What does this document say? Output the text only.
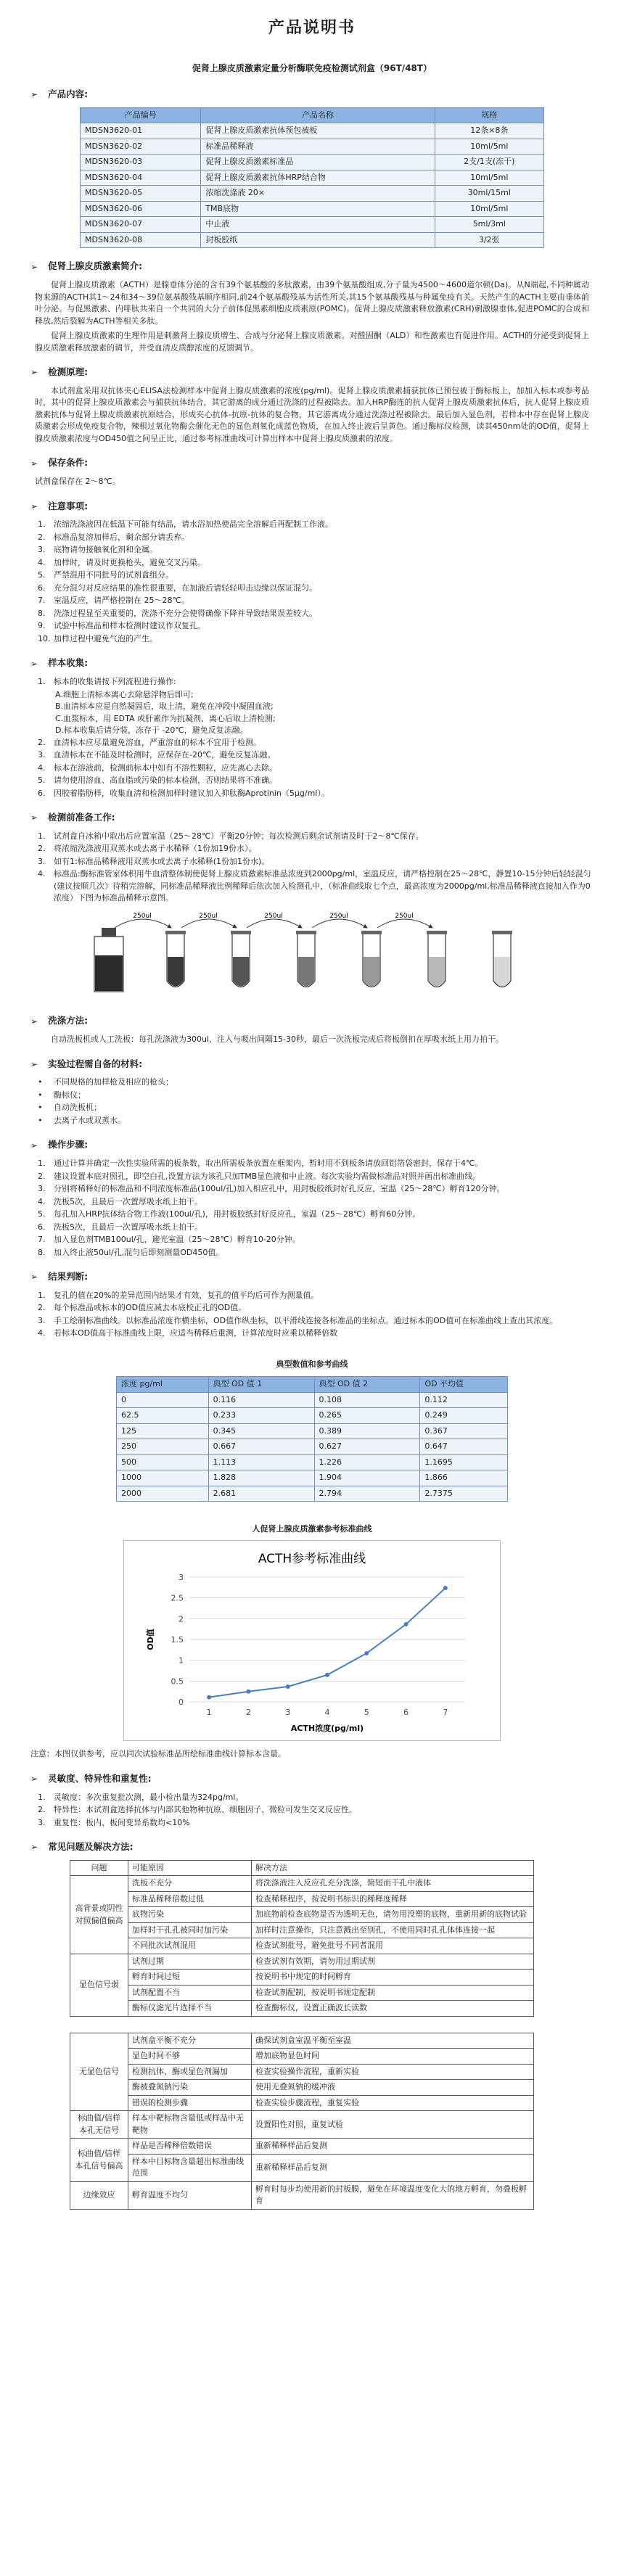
产品说明书
促肾上腺皮质激素定量分析酶联免疫检测试剂盒（96T/48T）
➢ 产品内容:
产品编号	产品名称	规格
MDSN3620-01	促肾上腺皮质激素抗体预包被板	12条×8条
MDSN3620-02	标准品稀释液	10ml/5ml
MDSN3620-03	促肾上腺皮质激素标准品	2支/1支(冻干)
MDSN3620-04	促肾上腺皮质激素抗体HRP结合物	10ml/5ml
MDSN3620-05	浓缩洗涤液 20×	30ml/15ml
MDSN3620-06	TMB底物	10ml/5ml
MDSN3620-07	中止液	5ml/3ml
MDSN3620-08	封板胶纸	3/2张
➢ 促肾上腺皮质激素简介:

促肾上腺皮质激素（ACTH）是腺垂体分泌的含有39个氨基酸的多肽激素，由39个氨基酸组成,分子量为4500～4600道尔顿(Da)。从N端起,不同种属动物来源的ACTH其1～24和34～39位氨基酸残基顺序相同,前24个氨基酸残基为活性所关,其15个氨基酸残基与种属免疫有关。天然产生的ACTH主要由垂体前叶分泌。与促黑激素、内啡肽共来自一个共同的大分子前体促黑素细胞皮质素原(POMC)。促肾上腺皮质激素释放激素(CRH)刺激腺垂体,促进POMC的合成和释放,然后裂解为ACTH等相关多肽。

促肾上腺皮质激素的生理作用是刺激肾上腺皮质增生、合成与分泌肾上腺皮质激素。对醛固酮（ALD）和性激素也有促进作用。ACTH的分泌受到促肾上腺皮质激素释放激素的调节，并受血清皮质醇浓度的反馈调节。

➢ 检测原理:

本试剂盒采用双抗体夹心ELISA法检测样本中促肾上腺皮质激素的浓度(pg/ml)。促肾上腺皮质激素捕获抗体已预包被于酶标板上，加加入标本或参考品时，其中的促肾上腺皮质激素会与捕获抗体结合，其它游离的成分通过洗涤的过程被除去。加入HRP酶连的抗人促肾上腺皮质激素抗体后，抗人促肾上腺皮质激素抗体与促肾上腺皮质激素抗原结合，形成夹心抗体-抗原-抗体的复合物，其它游离成分通过洗涤过程被除去。最后加入显色剂，若样本中存在促肾上腺皮质激素会形成免疫复合物，辣根过氧化物酶会催化无色的显色剂氧化成蓝色物质，在加入终止液后呈黄色。通过酶标仪检测，读其450nm处的OD值，促肾上腺皮质激素浓度与OD450值之间呈正比，通过参考标准曲线可计算出样本中促肾上腺皮质激素的浓度。

➢ 保存条件:

试剂盒保存在 2～8℃。

➢ 注意事项:
1.	浓缩洗涤液因在低温下可能有结晶，请水浴加热使晶完全溶解后再配制工作液。
2.	标准品复溶加样后，剩余部分请丢弃。
3.	底物请勿接触氧化剂和金属。
4.	加样时，请及时更换枪头，避免交叉污染。
5.	严禁混用不同批号的试剂盒组分。
6.	充分混匀对反应结果的准性很重要，在加液后请轻轻叩击边缘以保证混匀。
7.	室温反应，请严格控制在 25～28℃。
8.	洗涤过程显至关重要的，洗涤不充分会使得确像下降并导致结果误差较大。
9.	试验中标准品和样本检测时建议作双复孔。
10. 加样过程中避免气泡的产生。
➢ 样本收集:
1.	标本的收集请按下列流程进行操作:
A.细胞上清标本离心去除悬浮物后即可;
B.血清标本应是自然凝固后，取上清，避免在冲段中凝固血液;
C.血浆标本，用 EDTA 或肝素作为抗凝剂，离心后取上清检测;
D.标本收集后请分装，冻存于 -20℃，避免反复冻融。
2.	血清标本应尽量避免溶血，严重溶血的标本不宜用于检测。
3.	血清标本在不能及时检测时，应保存在-20℃，避免反复冻融。
4.	标本在溶液前，检测前标本中如有不溶性颗粒，应先离心去除。
5.	请勿使用溶血、高血脂或污染的标本检测，否则结果将不准确。
6.	因胶着脂肪样，收集血清和检测加样时建议加入抑肽酶Aprotinin（5μg/ml）。
➢ 检测前准备工作:
1.	试剂盒自冰箱中取出后应置室温（25～28℃）平衡20分钟；每次检测后剩余试剂请及时于2～8℃保存。
2.	将浓缩洗涤液用双蒸水或去离子水稀释（1份加19份水）。
3.	如有1:标准品稀释液用双蒸水或去离子水稀释(1份加1份水)。
4.	标准品:酶标准管家体积用牛血清整体制使促肾上腺皮质激素标准品浓度到2000pg/ml，室温反应，请严格控制在25～28℃，静置10-15分钟后轻轻混匀(建议按顺几次）待稍完溶解，同标准品稀释液比例稀释后依次加入检测孔中，（标准曲线取七个点，最高浓度为2000pg/ml,标准品稀释液直接加入作为0浓度）下图为标准品稀释示意图。
250ul	250ul	250ul	250ul	250ul
➢ 洗涤方法:

自动洗板机或人工洗板：每孔洗涤液为300ul，注入与吸出间隔15-30秒，最后一次洗板完成后将板倒扣在厚吸水纸上用力拍干。

➢ 实验过程需自备的材料:
•	不同规格的加样枪及相应的枪头；
•	酶标仪；
•	自动洗板机；
•	去离子水或双蒸水。
➢ 操作步骤:
1.	通过计算并确定一次性实验所需的板条数，取出所需板条放置在框架内，暂时用不到板条请放回铝箔袋密封，保存于4℃。
2.	建议设置本底对照孔，即空白孔,设置方法为该孔只加TMB显色液和中止液。每次实验均需做标准品对照并画出标准曲线。
3.	分别将稀释好的标准品和不同浓度标准品(100ul/孔)加入相应孔中，用封板胶纸封好孔反应，室温（25～28℃）孵育120分钟。
4.	洗板5次，且最后一次置厚吸水纸上拍干。
5.	每孔加入HRP抗体结合物工作液(100ul/孔)，用封板胶纸封好反应孔，室温（25～28℃）孵育60分钟。
6.	洗板5次，且最后一次置厚吸水纸上拍干。
7.	加入显色剂TMB100ul/孔，避光室温（25～28℃）孵育10-20分钟。
8.	加入终止液50ul/孔,混匀后即刻测量OD450值。
➢ 结果判断:
1.	复孔的值在20%的差异范围内结果才有效，复孔的值平均后可作为测量值。
2.	每个标准品或标本的OD值应减去本底校正孔的OD值。
3.	手工绘制标准曲线。以标准品浓度作横坐标，OD值作纵坐标，以平滑线连接各标准品的坐标点。通过标本的OD值可在标准曲线上查出其浓度。
4.	若标本OD值高于标准曲线上限，应适当稀释后重测，计算浓度时应乘以稀释倍数
典型数值和参考曲线
浓度 pg/ml	典型 OD 值 1	典型 OD 值 2	OD 平均值
0	0.116	0.108	0.112
62.5	0.233	0.265	0.249
125	0.345	0.389	0.367
250	0.667	0.627	0.647
500	1.113	1.226	1.1695
1000	1.828	1.904	1.866
2000	2.681	2.794	2.7375
人促肾上腺皮质激素参考标准曲线
ACTH参考标准曲线
0
0.5
1
1.5
2
2.5
3
1	2	3	4	5	6	7
ACTH浓度(pg/ml)
OD值

注意：本图仅供参考，应以同次试验标准品所绘标准曲线计算标本含量。

➢ 灵敏度、特异性和重复性:
1.	灵敏度：多次重复批次测，最小检出量为324pg/ml。
2.	特异性：本试剂盒选择抗体与内部其他物种抗原、细胞因子、微粒可发生交叉反应性。
3.	重复性：板内、板间变异系数均<10%
➢ 常见问题及解决方法:
问题	可能原因	解决方法
高背景或阴性对照偏值偏高	洗板不充分	将洗涤液注入反应孔充分洗涤，简短而干孔中液体
	标准品稀释倍数过低	检查稀释程序，按说明书标识的稀释度稀释
	底物污染	加底物前检查底物是否为透明无色，请勿用没塑的底物，重新用新的底物试验
	加样时干孔孔被同时加污染	加样时注意操作，只注意溅出至别孔，不使用同时孔孔体体连接一起
	不同批次试剂混用	检查试剂批号，避免批号不同者混用
显色信号弱	试剂过期	检查试剂有效期，请勿用过期试剂
	孵育时间过短	按说明书中规定的时间孵育
	试剂配置不当	检查试剂配制，按说明书规定配制
	酶标仪滤光片选择不当	检查酶标仪，设置正确波长读数
无显色信号	试剂盒平衡不充分	确保试剂盒室温平衡至室温
	显色时间不够	增加底物显色时间
	检测抗体、酶或显色剂漏加	检查实验操作流程，重新实验
	酶被叠氮钠污染	使用无叠氮钠的缓冲液
	错误的检测步骤	检查实验步骤流程，重复实验
标曲值/信样本孔无信号	样本中靶标物含量低或样品中无靶物	设置阳性对照，重复试验
标曲值/信样本孔信号偏高	样品是否稀释倍数错误	重新稀释样品后复测
	样本中目标物含量超出标准曲线范围	重新稀释样品后复测
边缘效应	孵育温度不均匀	孵育时每步均使用新的封板膜，避免在环境温度变化大的地方孵育，勿叠板孵育
